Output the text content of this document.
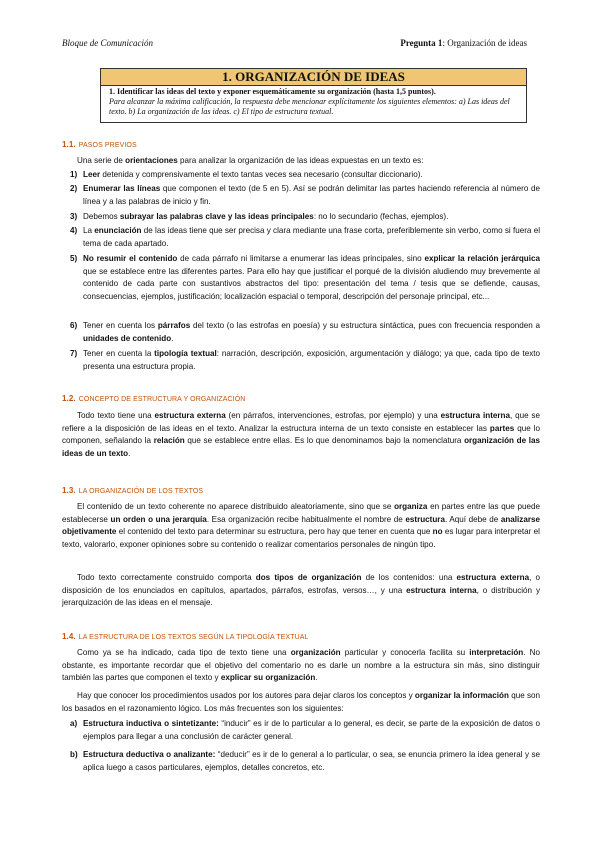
Bloque de Comunicación	Pregunta 1: Organización de ideas
1. ORGANIZACIÓN DE IDEAS
1. Identificar las ideas del texto y exponer esquemáticamente su organización (hasta 1,5 puntos).
Para alcanzar la máxima calificación, la respuesta debe mencionar explícitamente los siguientes elementos: a) Las ideas del texto. b) La organización de las ideas. c) El tipo de estructura textual.
1.1. PASOS PREVIOS
Una serie de orientaciones para analizar la organización de las ideas expuestas en un texto es:
1) Leer detenida y comprensivamente el texto tantas veces sea necesario (consultar diccionario).
2) Enumerar las líneas que componen el texto (de 5 en 5). Así se podrán delimitar las partes haciendo referencia al número de línea y a las palabras de inicio y fin.
3) Debemos subrayar las palabras clave y las ideas principales: no lo secundario (fechas, ejemplos).
4) La enunciación de las ideas tiene que ser precisa y clara mediante una frase corta, preferiblemente sin verbo, como si fuera el tema de cada apartado.
5) No resumir el contenido de cada párrafo ni limitarse a enumerar las ideas principales, sino explicar la relación jerárquica que se establece entre las diferentes partes. Para ello hay que justificar el porqué de la división aludiendo muy brevemente al contenido de cada parte con sustantivos abstractos del tipo: presentación del tema / tesis que se defiende, causas, consecuencias, ejemplos, justificación; localización espacial o temporal, descripción del personaje principal, etc...
6) Tener en cuenta los párrafos del texto (o las estrofas en poesía) y su estructura sintáctica, pues con frecuencia responden a unidades de contenido.
7) Tener en cuenta la tipología textual: narración, descripción, exposición, argumentación y diálogo; ya que, cada tipo de texto presenta una estructura propia.
1.2. CONCEPTO DE ESTRUCTURA Y ORGANIZACIÓN
Todo texto tiene una estructura externa (en párrafos, intervenciones, estrofas, por ejemplo) y una estructura interna, que se refiere a la disposición de las ideas en el texto. Analizar la estructura interna de un texto consiste en establecer las partes que lo componen, señalando la relación que se establece entre ellas. Es lo que denominamos bajo la nomenclatura organización de las ideas de un texto.
1.3. LA ORGANIZACIÓN DE LOS TEXTOS
El contenido de un texto coherente no aparece distribuido aleatoriamente, sino que se organiza en partes entre las que puede establecerse un orden o una jerarquía. Esa organización recibe habitualmente el nombre de estructura. Aquí debe de analizarse objetivamente el contenido del texto para determinar su estructura, pero hay que tener en cuenta que no es lugar para interpretar el texto, valorarlo, exponer opiniones sobre su contenido o realizar comentarios personales de ningún tipo.
Todo texto correctamente construido comporta dos tipos de organización de los contenidos: una estructura externa, o disposición de los enunciados en capítulos, apartados, párrafos, estrofas, versos…, y una estructura interna, o distribución y jerarquización de las ideas en el mensaje.
1.4. LA ESTRUCTURA DE LOS TEXTOS SEGÚN LA TIPOLOGÍA TEXTUAL
Como ya se ha indicado, cada tipo de texto tiene una organización particular y conocerla facilita su interpretación. No obstante, es importante recordar que el objetivo del comentario no es darle un nombre a la estructura sin más, sino distinguir también las partes que componen el texto y explicar su organización.
Hay que conocer los procedimientos usados por los autores para dejar claros los conceptos y organizar la información que son los basados en el razonamiento lógico. Los más frecuentes son los siguientes:
a) Estructura inductiva o sintetizante: “inducir” es ir de lo particular a lo general, es decir, se parte de la exposición de datos o ejemplos para llegar a una conclusión de carácter general.
b) Estructura deductiva o analizante: “deducir” es ir de lo general a lo particular, o sea, se enuncia primero la idea general y se aplica luego a casos particulares, ejemplos, detalles concretos, etc.
